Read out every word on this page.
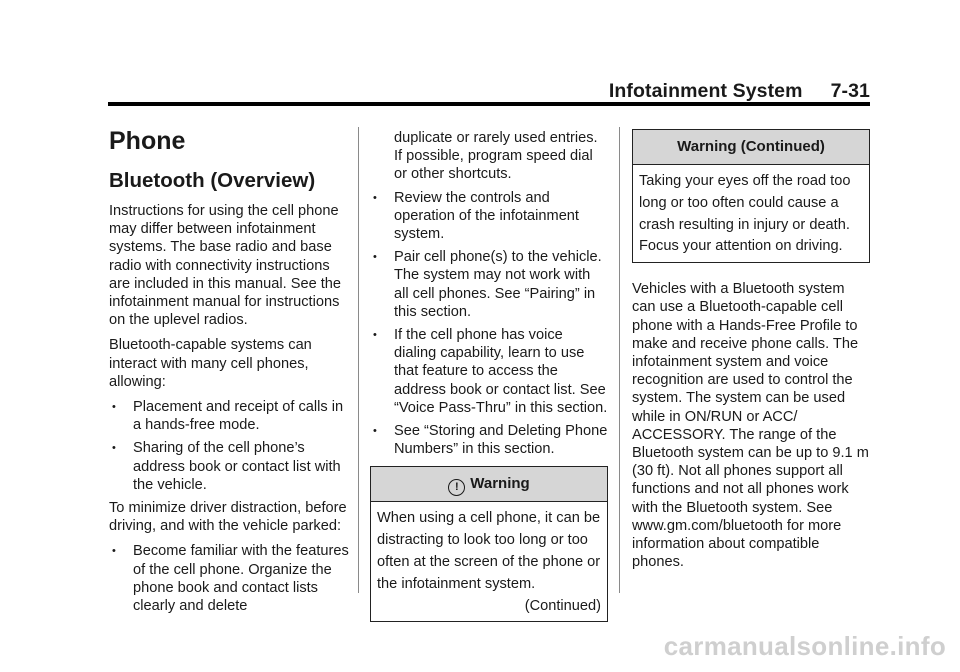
Infotainment System 7-31
Phone
Bluetooth (Overview)

Instructions for using the cell phone may differ between infotainment systems. The base radio and base radio with connectivity instructions are included in this manual. See the infotainment manual for instructions on the uplevel radios.

Bluetooth-capable systems can interact with many cell phones, allowing:

• Placement and receipt of calls in a hands-free mode.
• Sharing of the cell phone’s address book or contact list with the vehicle.

To minimize driver distraction, before driving, and with the vehicle parked:

• Become familiar with the features of the cell phone. Organize the phone book and contact lists clearly and delete
duplicate or rarely used entries. If possible, program speed dial or other shortcuts.
• Review the controls and operation of the infotainment system.
• Pair cell phone(s) to the vehicle. The system may not work with all cell phones. See “Pairing” in this section.
• If the cell phone has voice dialing capability, learn to use that feature to access the address book or contact list. See “Voice Pass-Thru” in this section.
• See “Storing and Deleting Phone Numbers” in this section.
! Warning
When using a cell phone, it can be distracting to look too long or too often at the screen of the phone or the infotainment system.
(Continued)
Warning (Continued)
Taking your eyes off the road too long or too often could cause a crash resulting in injury or death. Focus your attention on driving.

Vehicles with a Bluetooth system can use a Bluetooth-capable cell phone with a Hands-Free Profile to make and receive phone calls. The infotainment system and voice recognition are used to control the system. The system can be used while in ON/RUN or ACC/ ACCESSORY. The range of the Bluetooth system can be up to 9.1 m (30 ft). Not all phones support all functions and not all phones work with the Bluetooth system. See www.gm.com/bluetooth for more information about compatible phones.

carmanualsonline.info
